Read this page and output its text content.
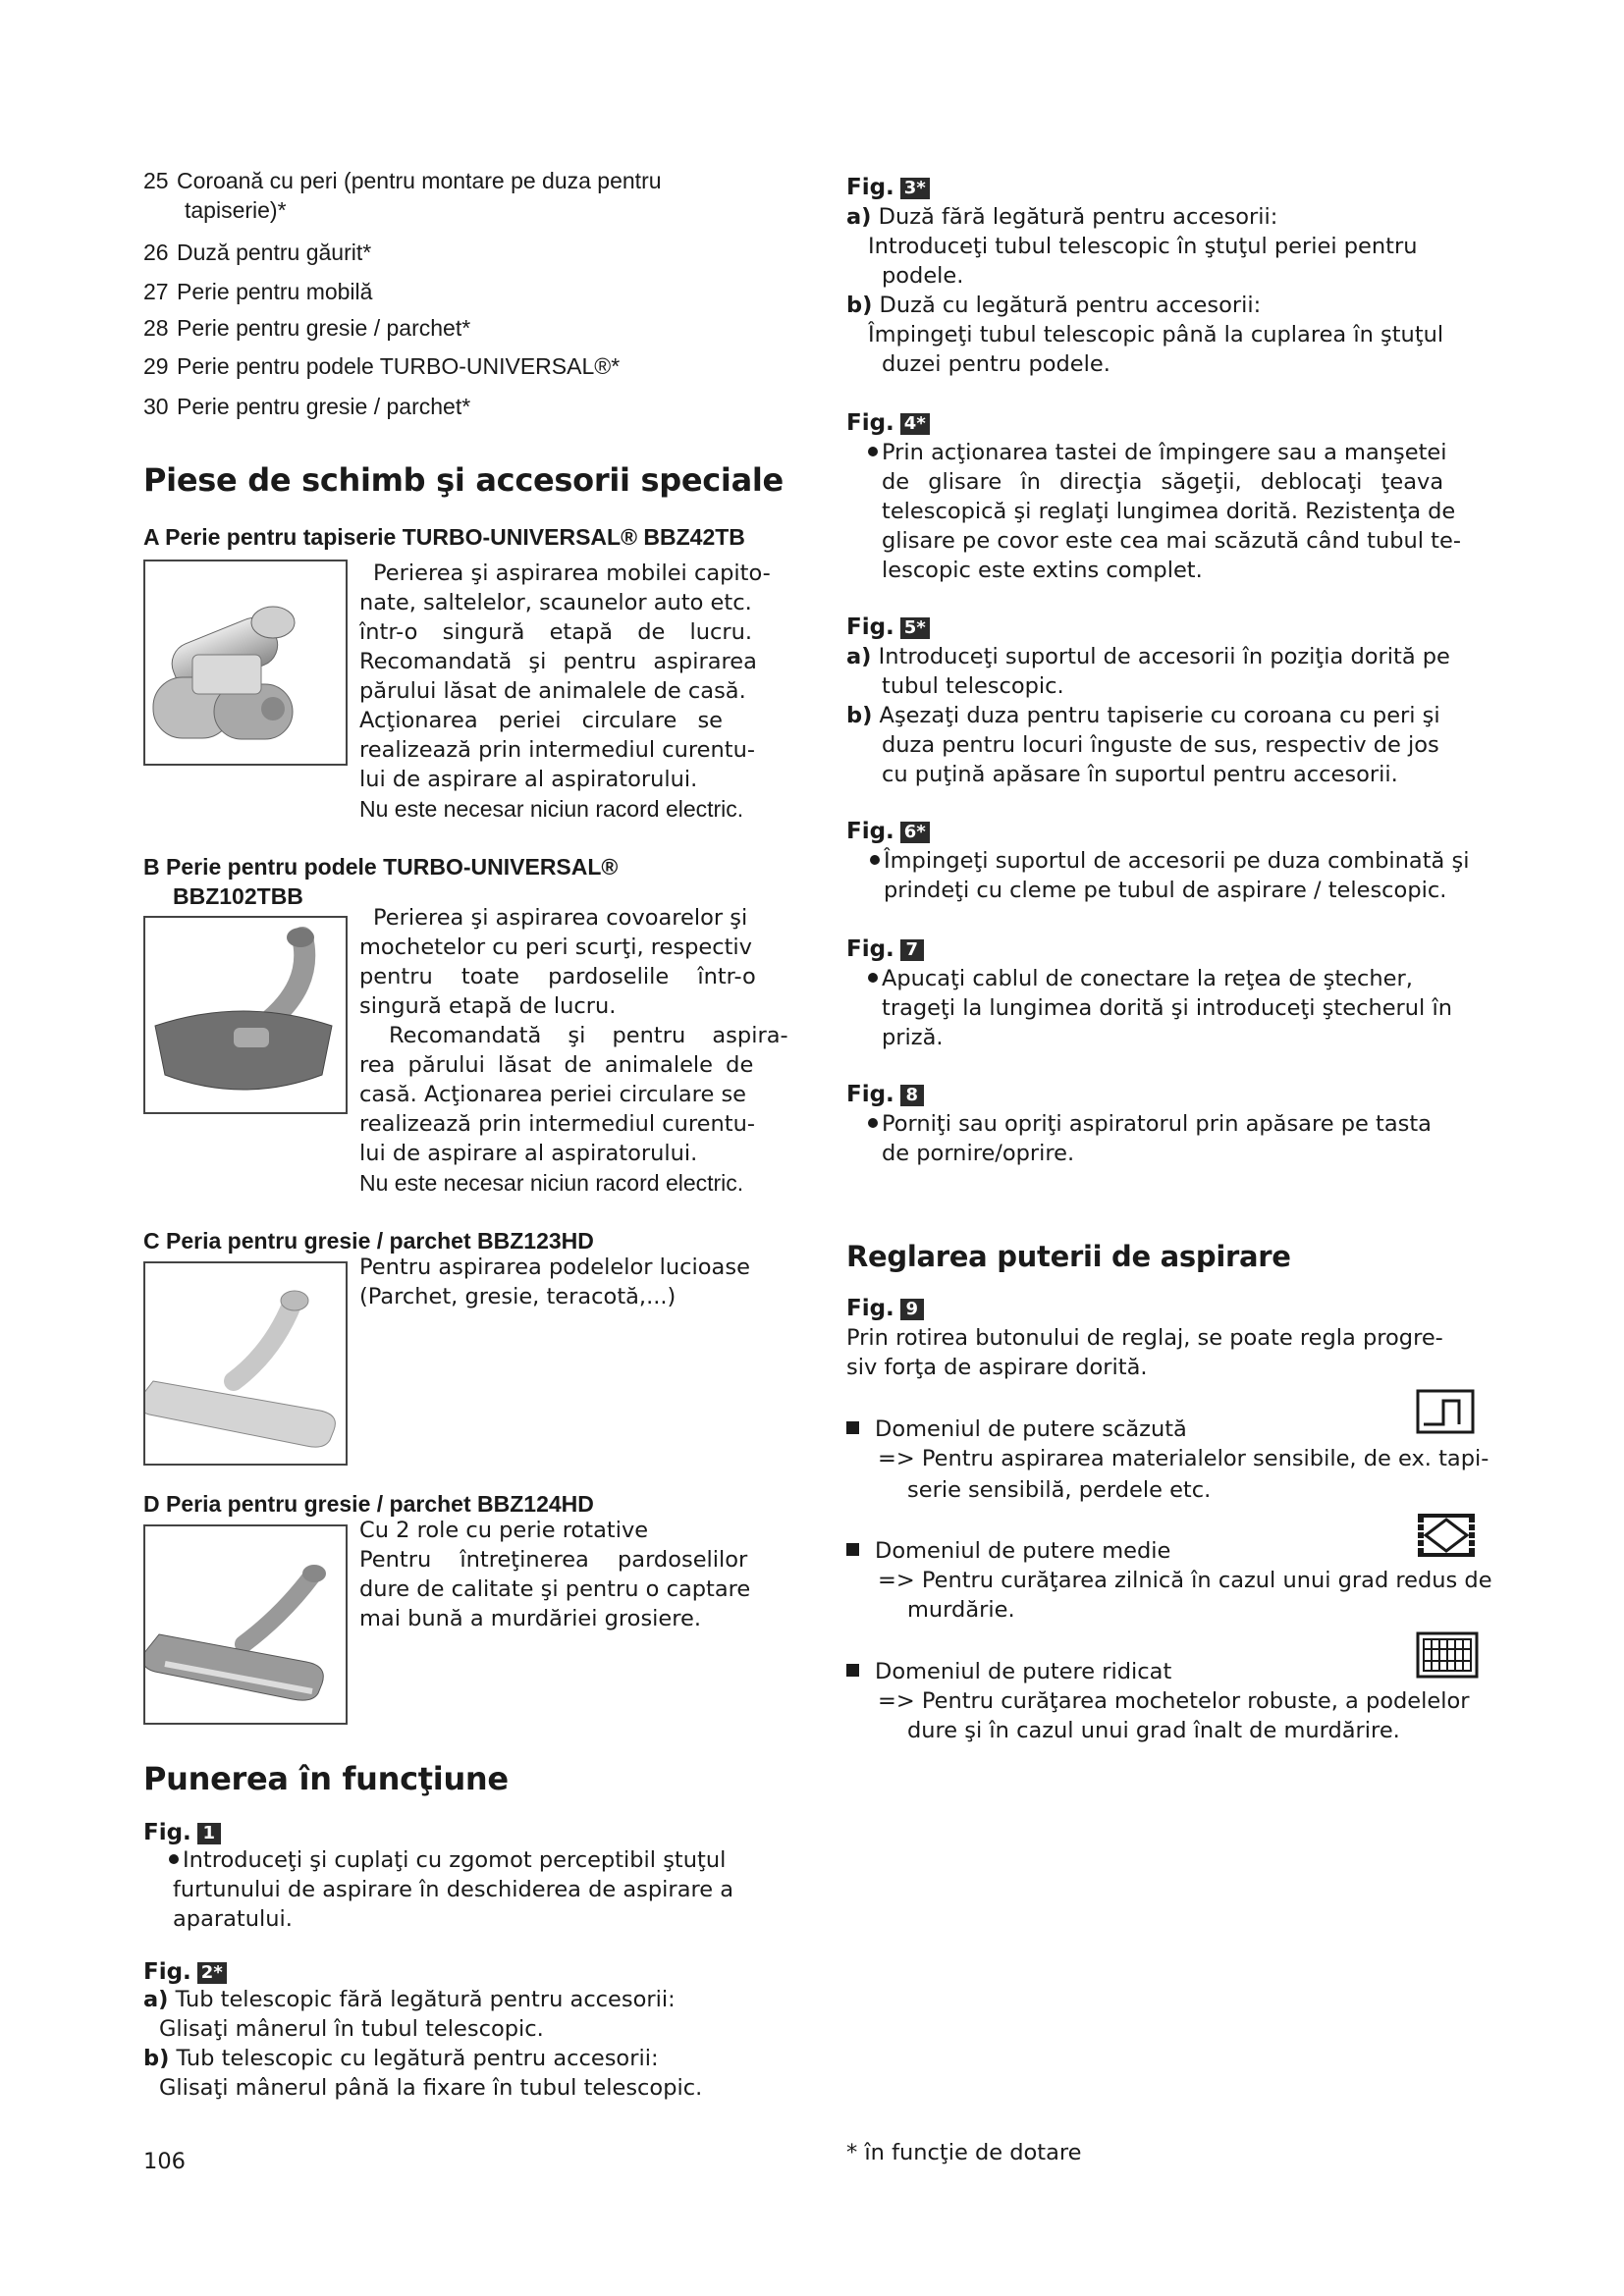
25 Coroană cu peri (pentru montare pe duza pentru
tapiserie)*
26 Duză pentru găurit*
27 Perie pentru mobilă
28 Perie pentru gresie / parchet*
29 Perie pentru podele TURBO-UNIVERSAL®*
30 Perie pentru gresie / parchet*
Piese de schimb şi accesorii speciale
A Perie pentru tapiserie TURBO-UNIVERSAL® BBZ42TB
Perierea şi aspirarea mobilei capito-
nate, saltelelor, scaunelor auto etc.
într-o singură etapă de lucru.
Recomandată şi pentru aspirarea
părului lăsat de animalele de casă.
Acţionarea periei circulare se
realizează prin intermediul curentu-
lui de aspirare al aspiratorului.
Nu este necesar niciun racord electric.
B Perie pentru podele TURBO-UNIVERSAL®
BBZ102TBB
Perierea şi aspirarea covoarelor şi
mochetelor cu peri scurţi, respectiv
pentru toate pardoselile într-o
singură etapă de lucru.
Recomandată şi pentru aspira-
rea părului lăsat de animalele de
casă. Acţionarea periei circulare se
realizează prin intermediul curentu-
lui de aspirare al aspiratorului.
Nu este necesar niciun racord electric.
C Peria pentru gresie / parchet BBZ123HD
Pentru aspirarea podelelor lucioase
(Parchet, gresie, teracotă,...)
D Peria pentru gresie / parchet BBZ124HD
Cu 2 role cu perie rotative
Pentru întreţinerea pardoselilor
dure de calitate şi pentru o captare
mai bună a murdăriei grosiere.
Punerea în funcţiune
Fig. 1
Introduceţi şi cuplaţi cu zgomot perceptibil ştuţul
furtunului de aspirare în deschiderea de aspirare a
aparatului.
Fig. 2*
a) Tub telescopic fără legătură pentru accesorii:
Glisaţi mânerul în tubul telescopic.
b) Tub telescopic cu legătură pentru accesorii:
Glisaţi mânerul până la fixare în tubul telescopic.
106
Fig. 3*
a) Duză fără legătură pentru accesorii:
Introduceţi tubul telescopic în ştuţul periei pentru
podele.
b) Duză cu legătură pentru accesorii:
Împingeţi tubul telescopic până la cuplarea în ştuţul
duzei pentru podele.
Fig. 4*
Prin acţionarea tastei de împingere sau a manşetei
de glisare în direcţia săgeţii, deblocaţi ţeava
telescopică şi reglaţi lungimea dorită. Rezistenţa de
glisare pe covor este cea mai scăzută când tubul te-
lescopic este extins complet.
Fig. 5*
a) Introduceţi suportul de accesorii în poziţia dorită pe
tubul telescopic.
b) Aşezaţi duza pentru tapiserie cu coroana cu peri şi
duza pentru locuri înguste de sus, respectiv de jos
cu puţină apăsare în suportul pentru accesorii.
Fig. 6*
Împingeţi suportul de accesorii pe duza combinată şi
prindeţi cu cleme pe tubul de aspirare / telescopic.
Fig. 7
Apucaţi cablul de conectare la reţea de ştecher,
trageţi la lungimea dorită şi introduceţi ştecherul în
priză.
Fig. 8
Porniţi sau opriţi aspiratorul prin apăsare pe tasta
de pornire/oprire.
Reglarea puterii de aspirare
Fig. 9
Prin rotirea butonului de reglaj, se poate regla progre-
siv forţa de aspirare dorită.
Domeniul de putere scăzută
=> Pentru aspirarea materialelor sensibile, de ex. tapi-
serie sensibilă, perdele etc.
Domeniul de putere medie
=> Pentru curăţarea zilnică în cazul unui grad redus de
murdărie.
Domeniul de putere ridicat
=> Pentru curăţarea mochetelor robuste, a podelelor
dure şi în cazul unui grad înalt de murdărire.
* în funcţie de dotare
